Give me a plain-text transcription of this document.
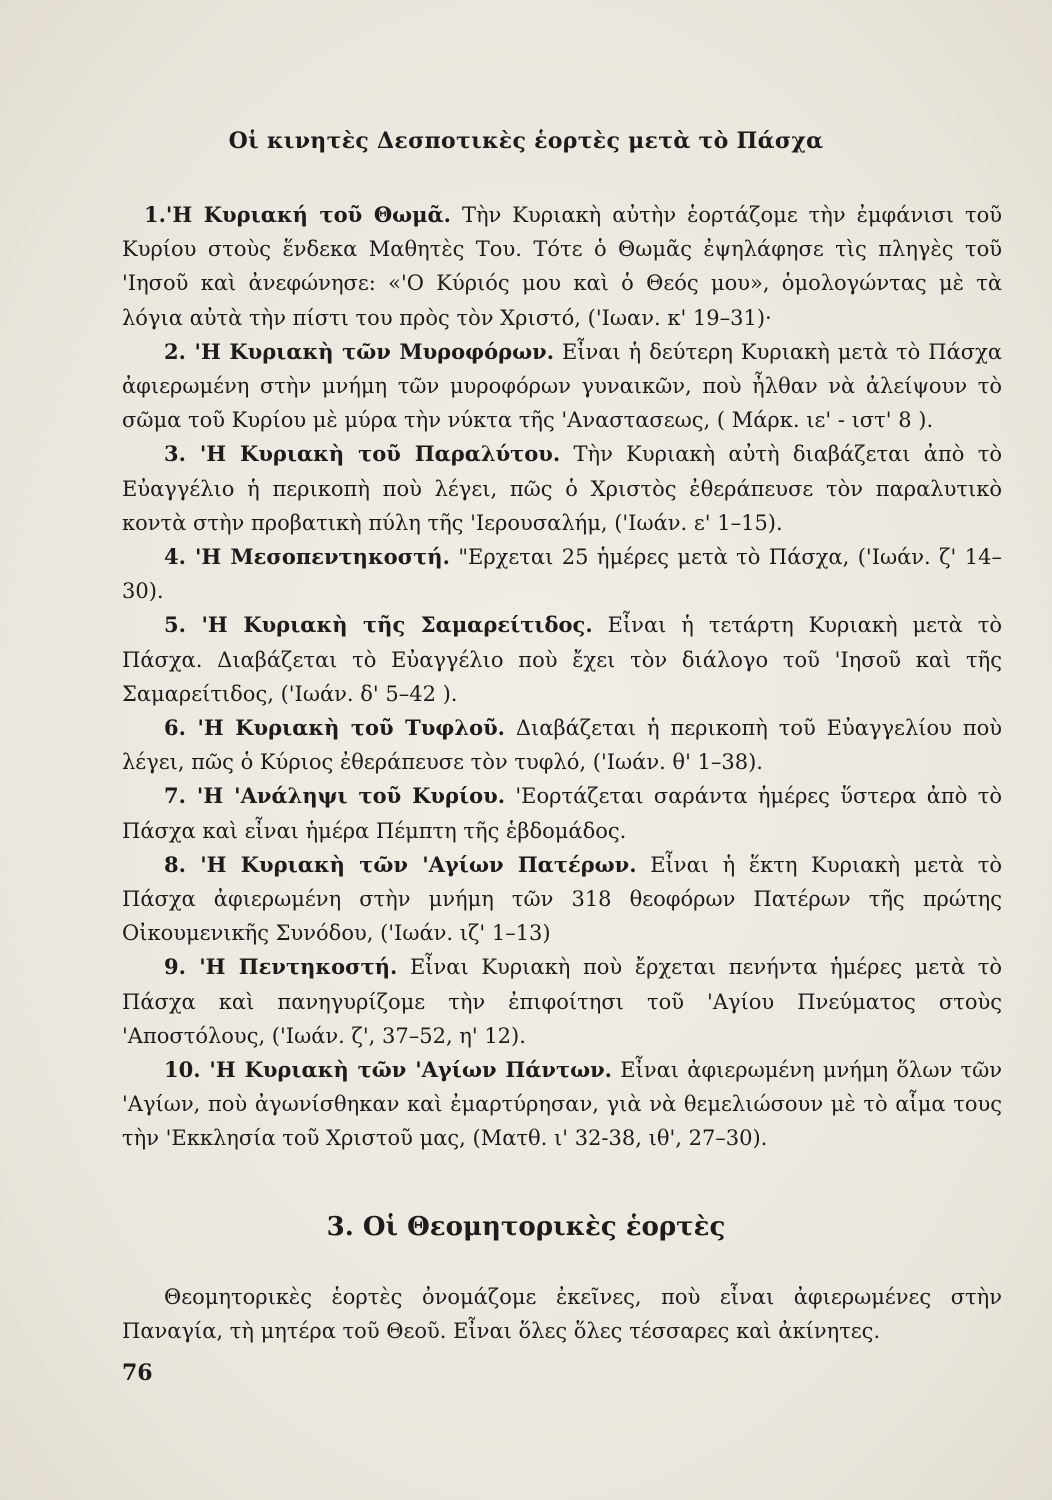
Οἱ κινητὲς Δεσποτικὲς ἑορτὲς μετὰ τὸ Πάσχα

1.'Η Κυριακή τοῦ Θωμᾶ. Τὴν Κυριακὴ αὐτὴν ἑορτάζομε τὴν ἐμφάνισι τοῦ Κυρίου στοὺς ἕνδεκα Μαθητὲς Του. Τότε ὁ Θωμᾶς ἐψηλάφησε τὶς πληγὲς τοῦ 'Ιησοῦ καὶ ἀνεφώνησε: «'Ο Κύριός μου καὶ ὁ Θεός μου», ὁμολογώντας μὲ τὰ λόγια αὐτὰ τὴν πίστι του πρὸς τὸν Χριστό, ('Ιωαν. κ' 19–31)·

2. 'Η Κυριακὴ τῶν Μυροφόρων. Εἶναι ἡ δεύτερη Κυριακὴ μετὰ τὸ Πάσχα ἀφιερωμένη στὴν μνήμη τῶν μυροφόρων γυναικῶν, ποὺ ἦλθαν νὰ ἀλείψουν τὸ σῶμα τοῦ Κυρίου μὲ μύρα τὴν νύκτα τῆς 'Αναστασεως, ( Μάρκ. ιε' - ιστ' 8 ).

3. 'Η Κυριακὴ τοῦ Παραλύτου. Τὴν Κυριακὴ αὐτὴ διαβάζεται ἀπὸ τὸ Εὐαγγέλιο ἡ περικοπὴ ποὺ λέγει, πῶς ὁ Χριστὸς ἐθεράπευσε τὸν παραλυτικὸ κοντὰ στὴν προβατικὴ πύλη τῆς 'Ιερουσαλήμ, ('Ιωάν. ε' 1–15).

4. 'Η Μεσοπεντηκοστή. "Ερχεται 25 ἡμέρες μετὰ τὸ Πάσχα, ('Ιωάν. ζ' 14–30).

5. 'Η Κυριακὴ τῆς Σαμαρείτιδος. Εἶναι ἡ τετάρτη Κυριακὴ μετὰ τὸ Πάσχα. Διαβάζεται τὸ Εὐαγγέλιο ποὺ ἔχει τὸν διάλογο τοῦ 'Ιησοῦ καὶ τῆς Σαμαρείτιδος, ('Ιωάν. δ' 5–42 ).

6. 'Η Κυριακὴ τοῦ Τυφλοῦ. Διαβάζεται ἡ περικοπὴ τοῦ Εὐαγγελίου ποὺ λέγει, πῶς ὁ Κύριος ἐθεράπευσε τὸν τυφλό, ('Ιωάν. θ' 1–38).

7. 'Η 'Ανάληψι τοῦ Κυρίου. 'Εορτάζεται σαράντα ἡμέρες ὕστερα ἀπὸ τὸ Πάσχα καὶ εἶναι ἡμέρα Πέμπτη τῆς ἑβδομάδος.

8. 'Η Κυριακὴ τῶν 'Αγίων Πατέρων. Εἶναι ἡ ἕκτη Κυριακὴ μετὰ τὸ Πάσχα ἀφιερωμένη στὴν μνήμη τῶν 318 θεοφόρων Πατέρων τῆς πρώτης Οἰκουμενικῆς Συνόδου, ('Ιωάν. ιζ' 1–13)

9. 'Η Πεντηκοστή. Εἶναι Κυριακὴ ποὺ ἔρχεται πενήντα ἡμέρες μετὰ τὸ Πάσχα καὶ πανηγυρίζομε τὴν ἐπιφοίτησι τοῦ 'Αγίου Πνεύματος στοὺς 'Αποστόλους, ('Ιωάν. ζ', 37–52, η' 12).

10. 'Η Κυριακὴ τῶν 'Αγίων Πάντων. Εἶναι ἀφιερωμένη μνήμη ὅλων τῶν 'Αγίων, ποὺ ἀγωνίσθηκαν καὶ ἐμαρτύρησαν, γιὰ νὰ θεμελιώσουν μὲ τὸ αἷμα τους τὴν 'Εκκλησία τοῦ Χριστοῦ μας, (Ματθ. ι' 32-38, ιθ', 27–30).

3. Οἱ Θεομητορικὲς ἑορτὲς

Θεομητορικὲς ἑορτὲς ὀνομάζομε ἐκεῖνες, ποὺ εἶναι ἀφιερωμένες στὴν Παναγία, τὴ μητέρα τοῦ Θεοῦ. Εἶναι ὅλες ὅλες τέσσαρες καὶ ἀκίνητες.

76
